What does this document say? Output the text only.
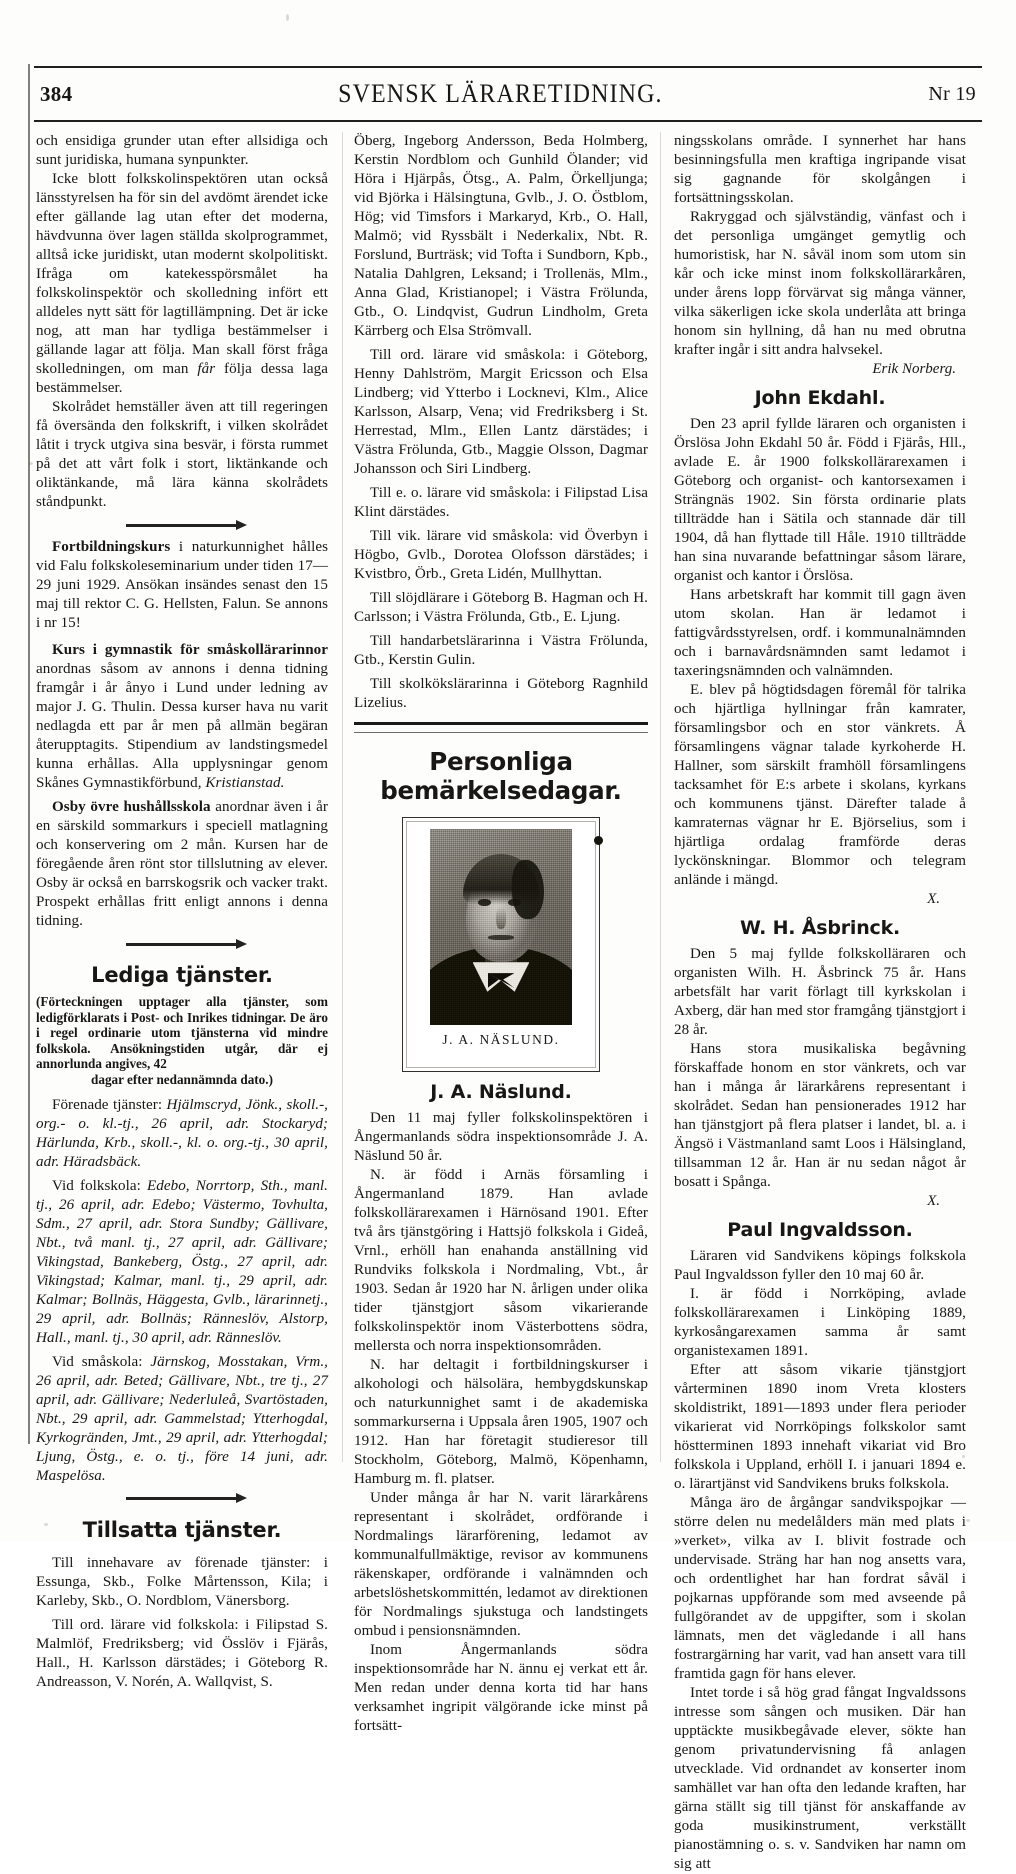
384	SVENSK LÄRARETIDNING.	Nr 19

och ensidiga grunder utan efter allsidiga och sunt juridiska, humana synpunkter.

Icke blott folkskolinspektören utan också länsstyrelsen ha för sin del avdömt ärendet icke efter gällande lag utan efter det moderna, hävdvunna över lagen ställda skolprogrammet, alltså icke juridiskt, utan modernt skolpolitiskt. Ifråga om katekesspörsmålet ha folkskolinspektör och skolledning infört ett alldeles nytt sätt för lagtillämpning. Det är icke nog, att man har tydliga bestämmelser i gällande lagar att följa. Man skall först fråga skolledningen, om man får följa dessa laga bestämmelser.

Skolrådet hemställer även att till regeringen få översända den folkskrift, i vilken skolrådet låtit i tryck utgiva sina besvär, i första rummet på det att vårt folk i stort, liktänkande och oliktänkande, må lära känna skolrådets ståndpunkt.

Fortbildningskurs i naturkunnighet hålles vid Falu folkskoleseminarium under tiden 17—29 juni 1929. Ansökan insändes senast den 15 maj till rektor C. G. Hellsten, Falun. Se annons i nr 15!

Kurs i gymnastik för småskollärarinnor anordnas såsom av annons i denna tidning framgår i år ånyo i Lund under ledning av major J. G. Thulin. Dessa kurser hava nu varit nedlagda ett par år men på allmän begäran återupptagits. Stipendium av landstingsmedel kunna erhållas. Alla upplysningar genom Skånes Gymnastikförbund, Kristianstad.

Osby övre hushållsskola anordnar även i år en särskild sommarkurs i speciell matlagning och konservering om 2 mån. Kursen har de föregående åren rönt stor tillslutning av elever. Osby är också en barrskogsrik och vacker trakt. Prospekt erhållas fritt enligt annons i denna tidning.

Lediga tjänster.

(Förteckningen upptager alla tjänster, som ledigförklarats i Post- och Inrikes tidningar. De äro i regel ordinarie utom tjänsterna vid mindre folkskola. Ansökningstiden utgår, där ej annorlunda angives, 42
dagar efter nedannämnda dato.)

Förenade tjänster: Hjälmscryd, Jönk., skoll.-, org.- o. kl.-tj., 26 april, adr. Stockaryd; Härlunda, Krb., skoll.-, kl. o. org.-tj., 30 april, adr. Häradsbäck.

Vid folkskola: Edebo, Norrtorp, Sth., manl. tj., 26 april, adr. Edebo; Västermo, Tovhulta, Sdm., 27 april, adr. Stora Sundby; Gällivare, Nbt., två manl. tj., 27 april, adr. Gällivare; Vikingstad, Bankeberg, Östg., 27 april, adr. Vikingstad; Kalmar, manl. tj., 29 april, adr. Kalmar; Bollnäs, Häggesta, Gvlb., lärarinnetj., 29 april, adr. Bollnäs; Ränneslöv, Alstorp, Hall., manl. tj., 30 april, adr. Ränneslöv.

Vid småskola: Järnskog, Mosstakan, Vrm., 26 april, adr. Beted; Gällivare, Nbt., tre tj., 27 april, adr. Gällivare; Nederluleå, Svartöstaden, Nbt., 29 april, adr. Gammelstad; Ytterhogdal, Kyrkogränden, Jmt., 29 april, adr. Ytterhogdal; Ljung, Östg., e. o. tj., före 14 juni, adr. Maspelösa.

Tillsatta tjänster.

Till innehavare av förenade tjänster: i Essunga, Skb., Folke Mårtensson, Kila; i Karleby, Skb., O. Nordblom, Vänersborg.

Till ord. lärare vid folkskola: i Filipstad S. Malmlöf, Fredriksberg; vid Össlöv i Fjärås, Hall., H. Karlsson därstädes; i Göteborg R. Andreasson, V. Norén, A. Wallqvist, S.

Öberg, Ingeborg Andersson, Beda Holmberg, Kerstin Nordblom och Gunhild Ölander; vid Höra i Hjärpås, Ötsg., A. Palm, Örkelljunga; vid Björka i Hälsingtuna, Gvlb., J. O. Östblom, Hög; vid Timsfors i Markaryd, Krb., O. Hall, Malmö; vid Ryssbält i Nederkalix, Nbt. R. Forslund, Burträsk; vid Tofta i Sundborn, Kpb., Natalia Dahlgren, Leksand; i Trollenäs, Mlm., Anna Glad, Kristianopel; i Västra Frölunda, Gtb., O. Lindqvist, Gudrun Lindholm, Greta Kärrberg och Elsa Strömvall.

Till ord. lärare vid småskola: i Göteborg, Henny Dahlström, Margit Ericsson och Elsa Lindberg; vid Ytterbo i Locknevi, Klm., Alice Karlsson, Alsarp, Vena; vid Fredriksberg i St. Herrestad, Mlm., Ellen Lantz därstädes; i Västra Frölunda, Gtb., Maggie Olsson, Dagmar Johansson och Siri Lindberg.

Till e. o. lärare vid småskola: i Filipstad Lisa Klint därstädes.

Till vik. lärare vid småskola: vid Överbyn i Högbo, Gvlb., Dorotea Olofsson därstädes; i Kvistbro, Örb., Greta Lidén, Mullhyttan.

Till slöjdlärare i Göteborg B. Hagman och H. Carlsson; i Västra Frölunda, Gtb., E. Ljung.

Till handarbetslärarinna i Västra Frölunda, Gtb., Kerstin Gulin.

Till skolkökslärarinna i Göteborg Ragnhild Lizelius.

Personliga bemärkelsedagar.
J. A. NÄSLUND.
J. A. Näslund.

Den 11 maj fyller folkskolinspektören i Ångermanlands södra inspektionsområde J. A. Näslund 50 år.

N. är född i Arnäs församling i Ångermanland 1879. Han avlade folkskollärarexamen i Härnösand 1901. Efter två års tjänstgöring i Hattsjö folkskola i Gideå, Vrnl., erhöll han enahanda anställning vid Rundviks folkskola i Nordmaling, Vbt., år 1903. Sedan år 1920 har N. årligen under olika tider tjänstgjort såsom vikarierande folkskolinspektör inom Västerbottens södra, mellersta och norra inspektionsområden.

N. har deltagit i fortbildningskurser i alkohologi och hälsolära, hembygdskunskap och naturkunnighet samt i de akademiska sommarkurserna i Uppsala åren 1905, 1907 och 1912. Han har företagit studieresor till Stockholm, Göteborg, Malmö, Köpenhamn, Hamburg m. fl. platser.

Under många år har N. varit lärarkårens representant i skolrådet, ordförande i Nordmalings lärarförening, ledamot av kommunalfullmäktige, revisor av kommunens räkenskaper, ordförande i valnämnden och arbetslöshetskommittén, ledamot av direktionen för Nordmalings sjukstuga och landstingets ombud i pensionsnämnden.

Inom Ångermanlands södra inspektionsområde har N. ännu ej verkat ett år. Men redan under denna korta tid har hans verksamhet ingripit välgörande icke minst på fortsätt-

ningsskolans område. I synnerhet har hans besinningsfulla men kraftiga ingripande visat sig gagnande för skolgången i fortsättningsskolan.

Rakryggad och självständig, vänfast och i det personliga umgänget gemytlig och humoristisk, har N. såväl inom som utom sin kår och icke minst inom folkskollärarkåren, under årens lopp förvärvat sig många vänner, vilka säkerligen icke skola underlåta att bringa honom sin hyllning, då han nu med obrutna krafter ingår i sitt andra halvsekel.

Erik Norberg.

John Ekdahl.

Den 23 april fyllde läraren och organisten i Örslösa John Ekdahl 50 år. Född i Fjärås, Hll., avlade E. år 1900 folkskollärarexamen i Göteborg och organist- och kantorsexamen i Strängnäs 1902. Sin första ordinarie plats tillträdde han i Sätila och stannade där till 1904, då han flyttade till Håle. 1910 tillträdde han sina nuvarande befattningar såsom lärare, organist och kantor i Örslösa.

Hans arbetskraft har kommit till gagn även utom skolan. Han är ledamot i fattigvårdsstyrelsen, ordf. i kommunalnämnden och i barnavårdsnämnden samt ledamot i taxeringsnämnden och valnämnden.

E. blev på högtidsdagen föremål för talrika och hjärtliga hyllningar från kamrater, församlingsbor och en stor vänkrets. Å församlingens vägnar talade kyrkoherde H. Hallner, som särskilt framhöll församlingens tacksamhet för E:s arbete i skolans, kyrkans och kommunens tjänst. Därefter talade å kamraternas vägnar hr E. Björselius, som i hjärtliga ordalag framförde deras lyckönskningar. Blommor och telegram anlände i mängd.

X.

W. H. Åsbrinck.

Den 5 maj fyllde folkskolläraren och organisten Wilh. H. Åsbrinck 75 år. Hans arbetsfält har varit förlagt till kyrkskolan i Axberg, där han med stor framgång tjänstgjort i 28 år.

Hans stora musikaliska begåvning förskaffade honom en stor vänkrets, och var han i många år lärarkårens representant i skolrådet. Sedan han pensionerades 1912 har han tjänstgjort på flera platser i landet, bl. a. i Ängsö i Västmanland samt Loos i Hälsingland, tillsamman 12 år. Han är nu sedan något år bosatt i Spånga.

X.

Paul Ingvaldsson.

Läraren vid Sandvikens köpings folkskola Paul Ingvaldsson fyller den 10 maj 60 år.

I. är född i Norrköping, avlade folkskollärarexamen i Linköping 1889, kyrkosångarexamen samma år samt organistexamen 1891.

Efter att såsom vikarie tjänstgjort vårterminen 1890 inom Vreta klosters skoldistrikt, 1891—1893 under flera perioder vikarierat vid Norrköpings folkskolor samt höstterminen 1893 innehaft vikariat vid Bro folkskola i Uppland, erhöll I. i januari 1894 e. o. lärartjänst vid Sandvikens bruks folkskola.

Många äro de årgångar sandvikspojkar — större delen nu medelålders män med plats i »verket», vilka av I. blivit fostrade och undervisade. Sträng har han nog ansetts vara, och ordentlighet har han fordrat såväl i pojkarnas uppförande som med avseende på fullgörandet av de uppgifter, som i skolan lämnats, men det vägledande i all hans fostrargärning har varit, vad han ansett vara till framtida gagn för hans elever.

Intet torde i så hög grad fångat Ingvaldssons intresse som sången och musiken. Där han upptäckte musikbegåvade elever, sökte han genom privatundervisning få anlagen utvecklade. Vid ordnandet av konserter inom samhället var han ofta den ledande kraften, har gärna ställt sig till tjänst för anskaffande av goda musikinstrument, verkställt pianostämning o. s. v. Sandviken har namn om sig att
